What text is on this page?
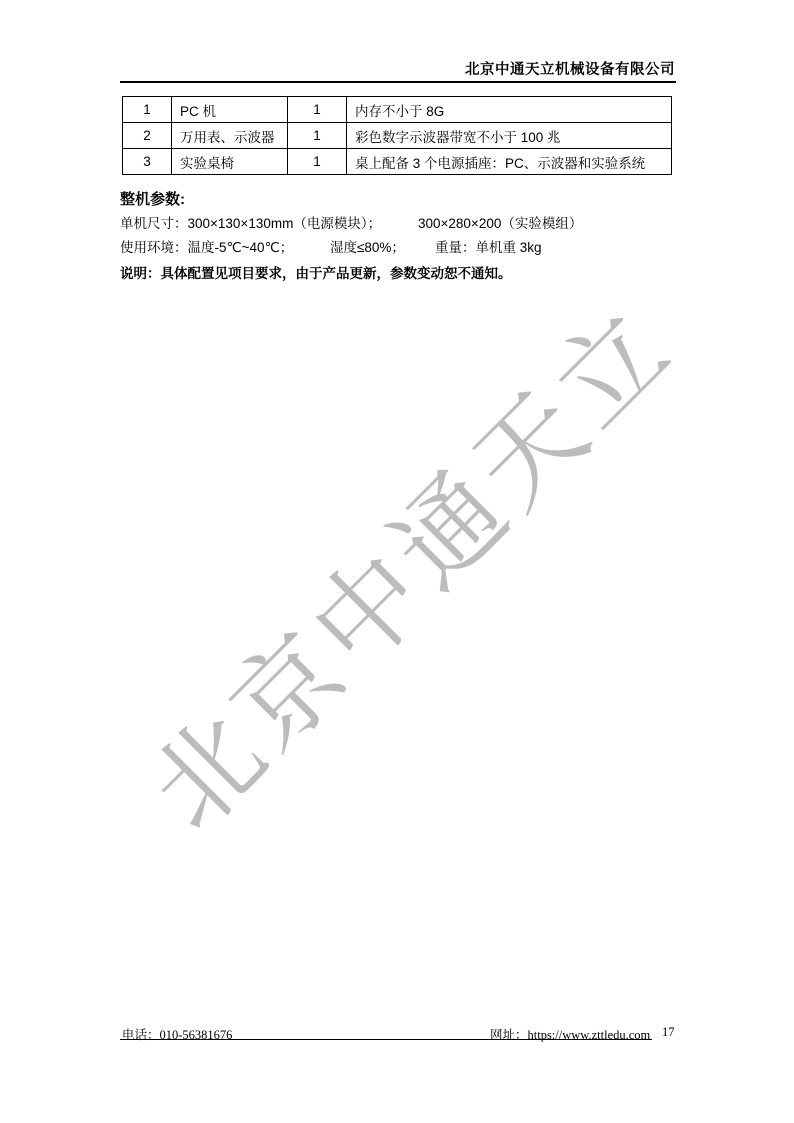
北京中通天立
北京中通天立机械设备有限公司
1	PC 机	1	内存不小于 8G
2	万用表、示波器	1	彩色数字示波器带宽不小于 100 兆
3	实验桌椅	1	桌上配备 3 个电源插座：PC、示波器和实验系统
整机参数:
单机尺寸：300×130×130mm（电源模块）；	300×280×200（实验模组）
使用环境：温度-5℃~40℃；	湿度≤80%； 重量：单机重 3kg
说明：具体配置见项目要求，由于产品更新，参数变动恕不通知。
电话：010-56381676	网址：https://www.zttledu.com 17
